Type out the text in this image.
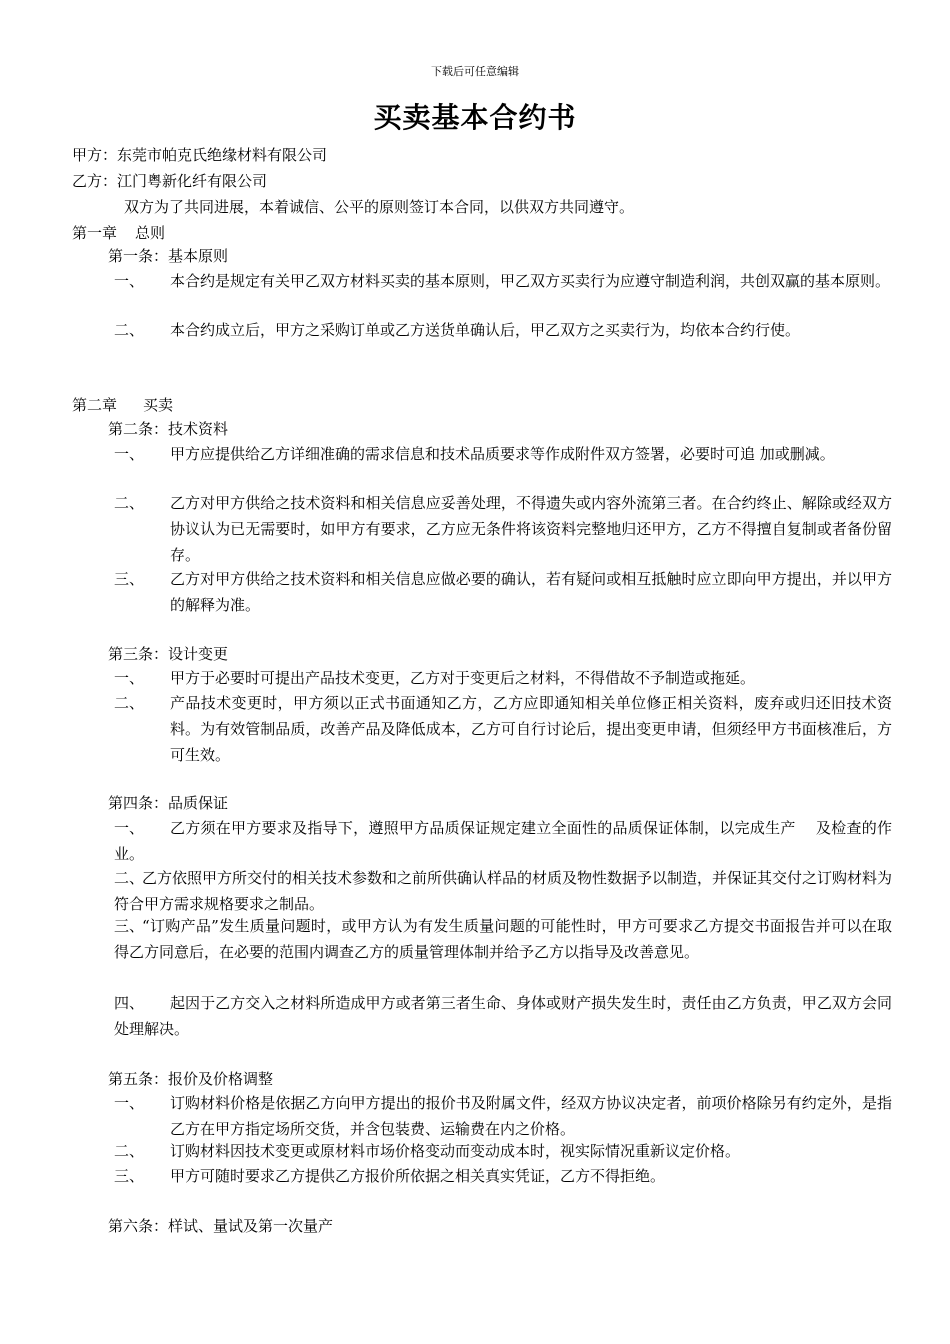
下载后可任意编辑
买卖基本合约书
甲方：东莞市帕克氏绝缘材料有限公司
乙方：江门粤新化纤有限公司
双方为了共同进展，本着诚信、公平的原则签订本合同，以供双方共同遵守。
第一章 总则
第一条：基本原则
一、	本合约是规定有关甲乙双方材料买卖的基本原则，甲乙双方买卖行为应遵守制造利润，共创双赢的基本原则。
二、	本合约成立后，甲方之采购订单或乙方送货单确认后，甲乙双方之买卖行为，均依本合约行使。
第二章 买卖
第二条：技术资料
一、	甲方应提供给乙方详细准确的需求信息和技术品质要求等作成附件双方签署，必要时可追 加或删减。
二、	乙方对甲方供给之技术资料和相关信息应妥善处理，不得遗失或内容外流第三者。在合约终止、解除或经双方协议认为已无需要时，如甲方有要求，乙方应无条件将该资料完整地归还甲方，乙方不得擅自复制或者备份留存。
三、	乙方对甲方供给之技术资料和相关信息应做必要的确认，若有疑问或相互抵触时应立即向甲方提出，并以甲方的解释为准。
第三条：设计变更
一、	甲方于必要时可提出产品技术变更，乙方对于变更后之材料，不得借故不予制造或拖延。
二、	产品技术变更时，甲方须以正式书面通知乙方，乙方应即通知相关单位修正相关资料，废弃或归还旧技术资料。为有效管制品质，改善产品及降低成本，乙方可自行讨论后，提出变更申请，但须经甲方书面核准后，方可生效。
第四条：品质保证
一、	乙方须在甲方要求及指导下，遵照甲方品质保证规定建立全面性的品质保证体制，以完成生产　 及检查的作业。
二、
乙方依照甲方所交付的相关技术参数和之前所供确认样品的材质及物性数据予以制造，并保证其交付之订购材料为符合甲方需求规格要求之制品。
三、
“订购产品”发生质量问题时，或甲方认为有发生质量问题的可能性时，甲方可要求乙方提交书面报告并可以在取得乙方同意后，在必要的范围内调查乙方的质量管理体制并给予乙方以指导及改善意见。
四、	起因于乙方交入之材料所造成甲方或者第三者生命、身体或财产损失发生时，责任由乙方负责，甲乙双方会同处理解决。
第五条：报价及价格调整
一、	订购材料价格是依据乙方向甲方提出的报价书及附属文件，经双方协议决定者，前项价格除另有约定外，是指乙方在甲方指定场所交货，并含包装费、运输费在内之价格。
二、	订购材料因技术变更或原材料市场价格变动而变动成本时，视实际情况重新议定价格。
三、	甲方可随时要求乙方提供乙方报价所依据之相关真实凭证，乙方不得拒绝。
第六条：样试、量试及第一次量产
